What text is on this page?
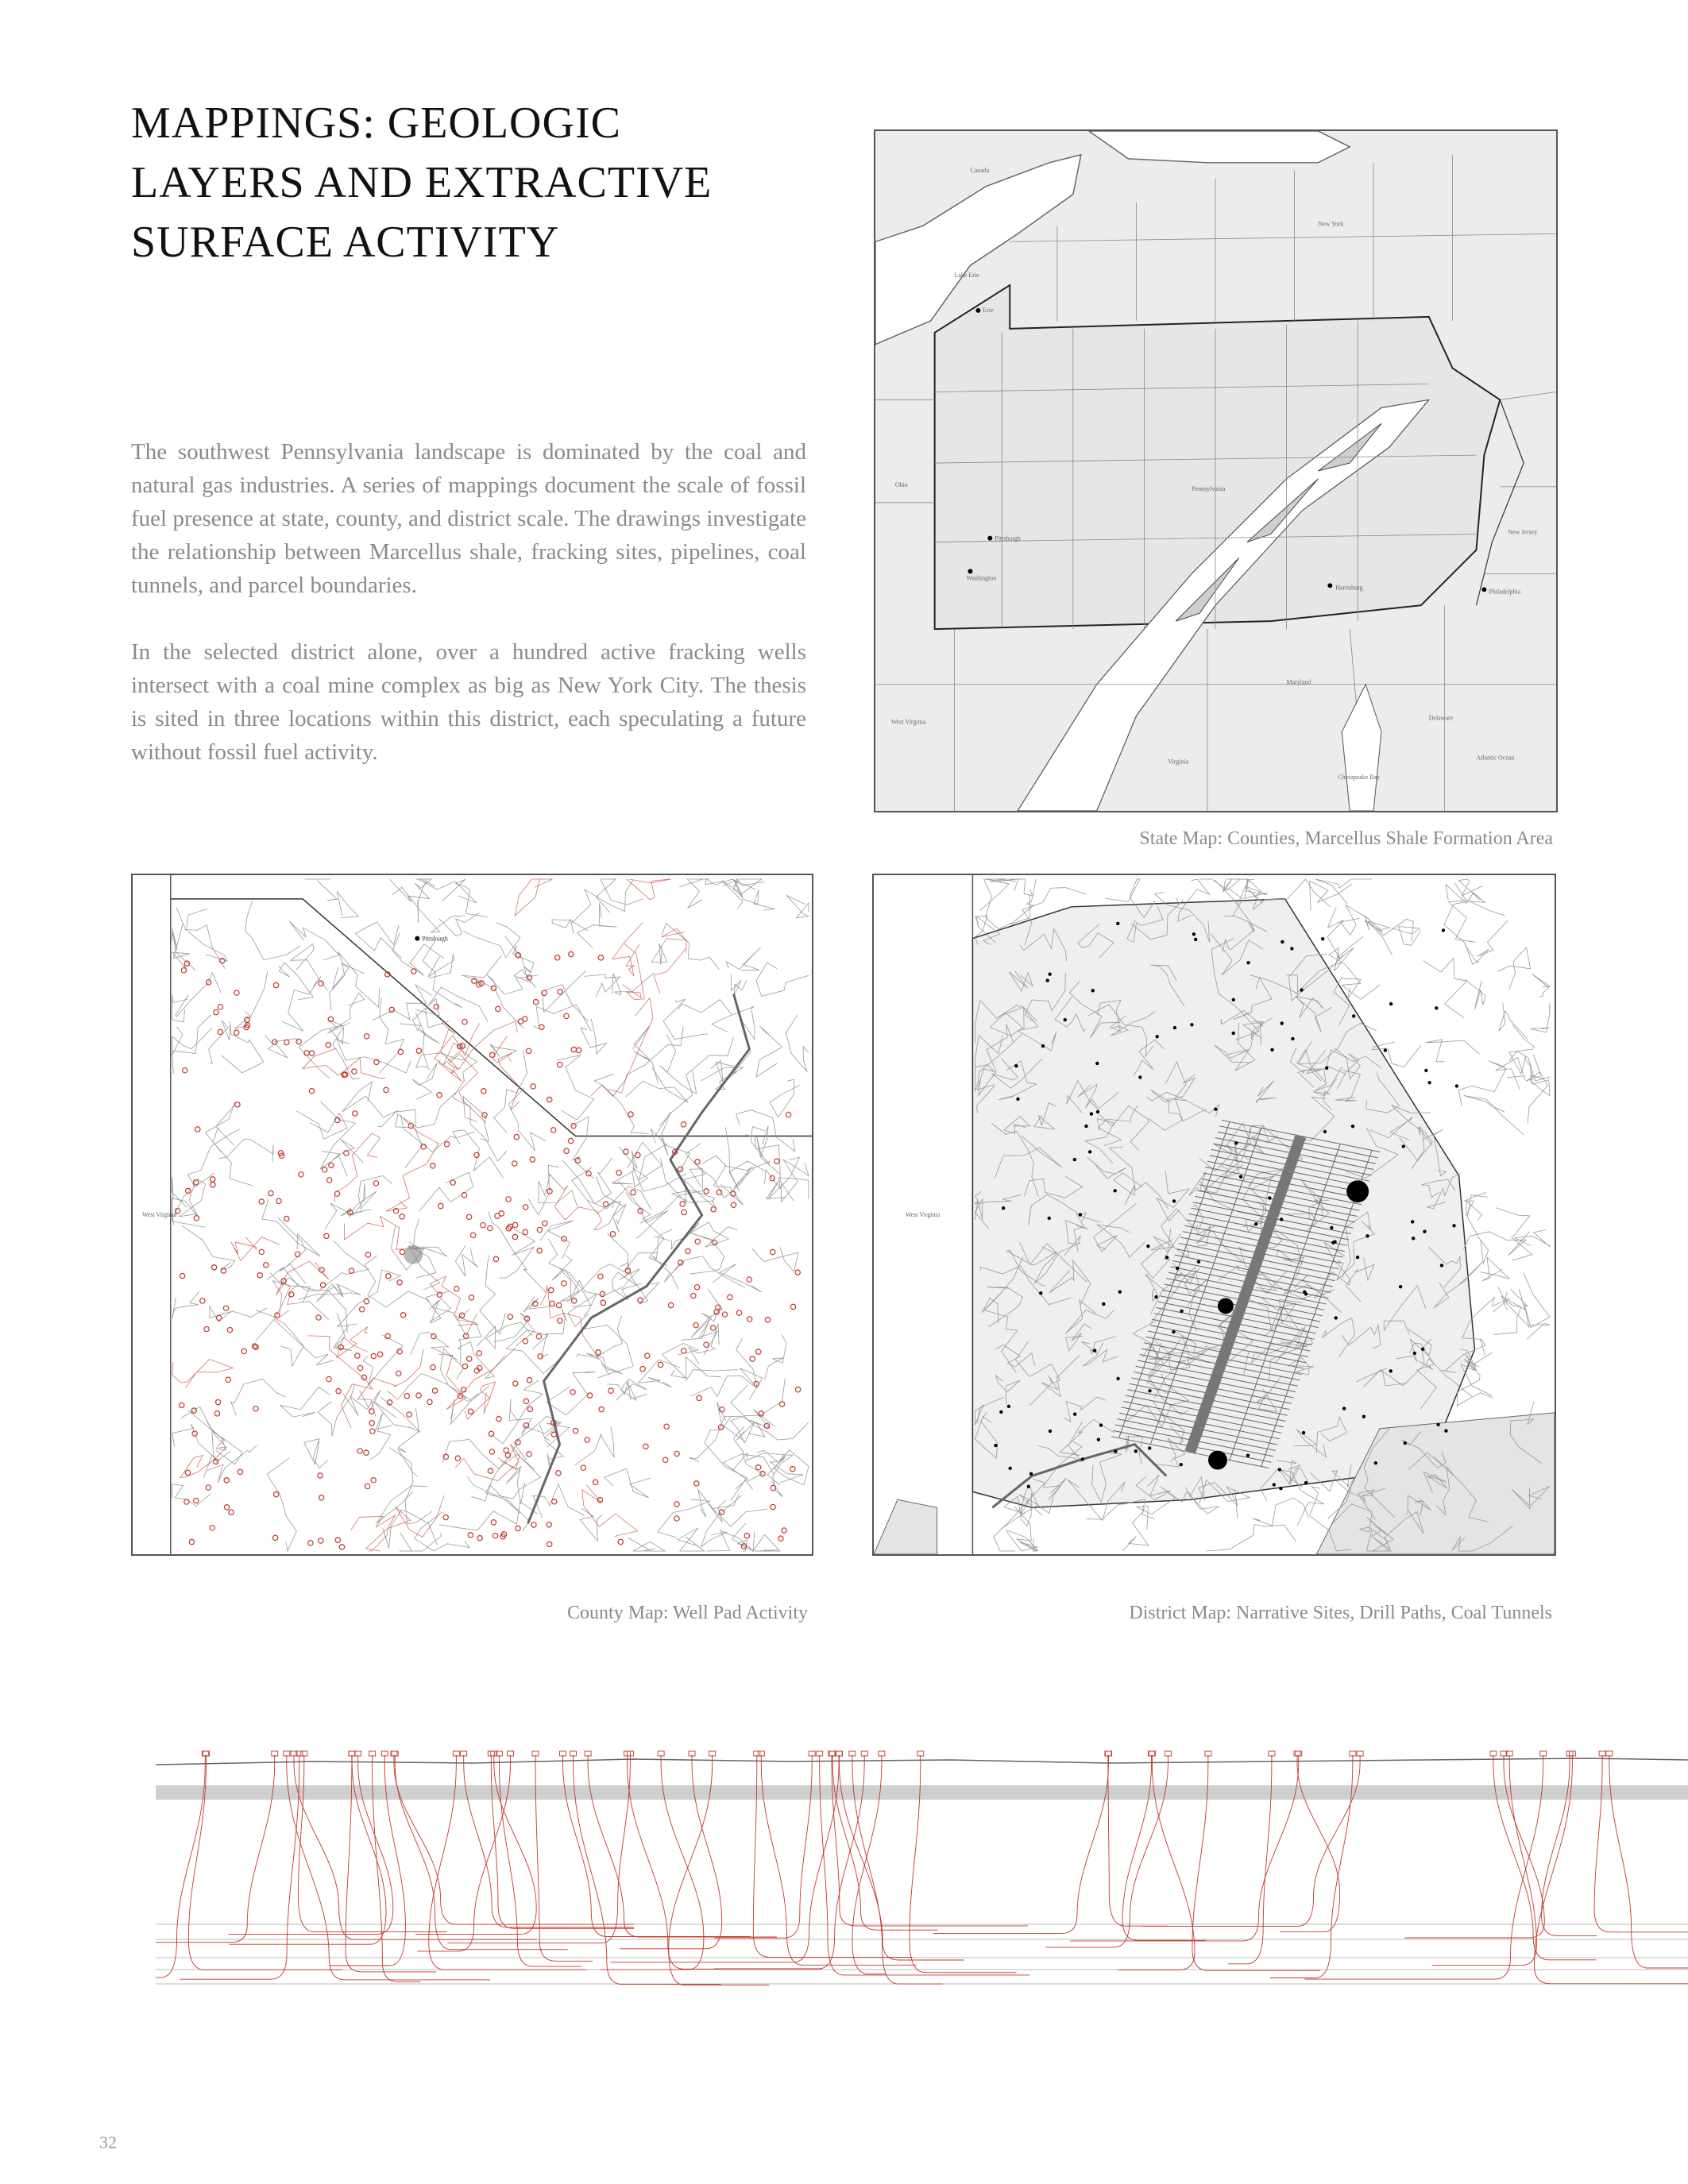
MAPPINGS: GEOLOGIC
LAYERS AND EXTRACTIVE
SURFACE ACTIVITY

The southwest Pennsylvania landscape is dominated by the coal and natural gas industries. A series of mappings document the scale of fossil fuel presence at state, county, and district scale. The drawings investigate the relationship between Marcellus shale, fracking sites, pipelines, coal tunnels, and parcel boundaries.

In the selected district alone, over a hundred active fracking wells intersect with a coal mine complex as big as New York City. The thesis is sited in three locations within this district, each speculating a future without fossil fuel activity.

Canada
Lake Erie
Erie
New York
Ohio
Pennsylvania
Pittsburgh
Washington
Harrisburg
Philadelphia
New Jersey
Maryland
Delaware
West Virginia
Virginia
Chesapeake Bay
Atlantic Ocean
State Map: Counties, Marcellus Shale Formation Area
Pittsburgh
West Virginia
County Map: Well Pad Activity
West Virginia
District Map: Narrative Sites, Drill Paths, Coal Tunnels
32
